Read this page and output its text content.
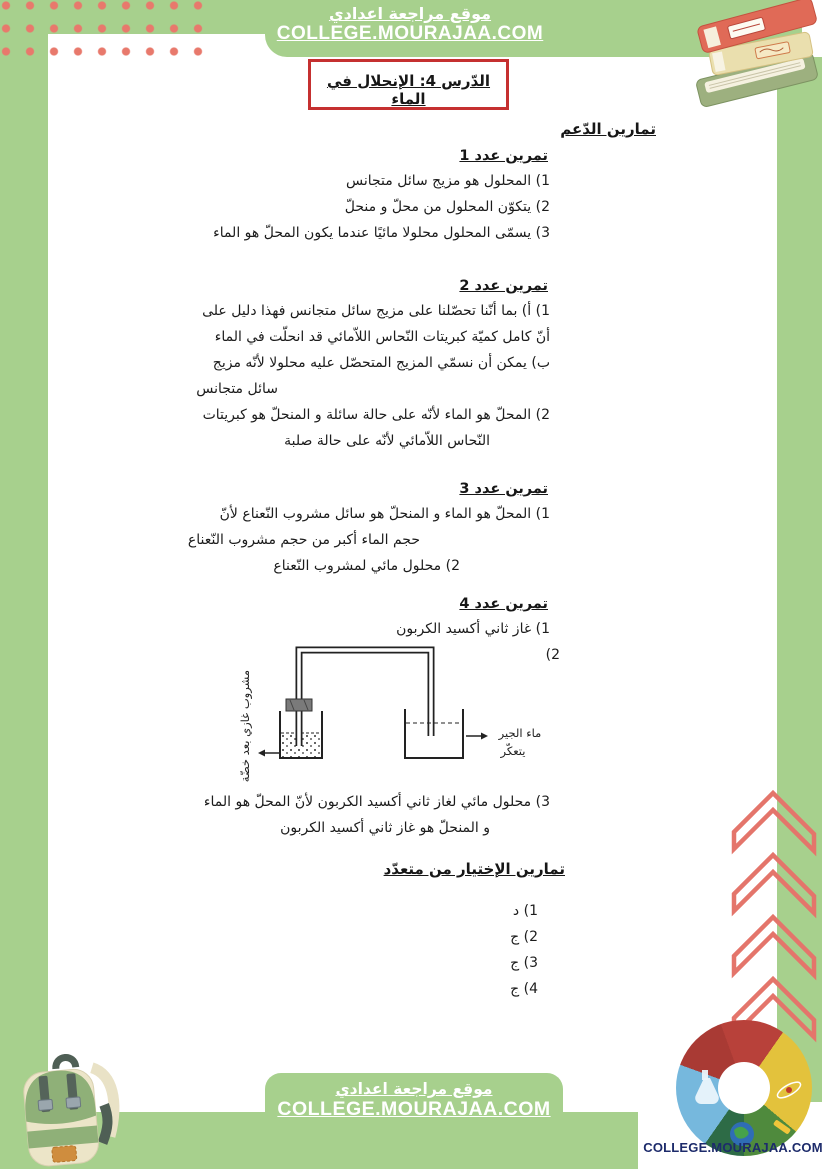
موقع مراجعة اعدادي
COLLEGE.MOURAJAA.COM
الدّرس 4: الإنحلال في الماء
تمارين الدّعم
تمرين عدد 1
1) المحلول هو مزيج سائل متجانس
2) يتكوّن المحلول من محلّ و منحلّ
3) يسمّى المحلول محلولا مائيًا عندما يكون المحلّ هو الماء
تمرين عدد 2
1) أ) بما أنّنا تحصّلنا على مزيج سائل متجانس فهذا دليل على
أنّ كامل كميّة كبريتات النّحاس اللاّمائي قد انحلّت في الماء
ب) يمكن أن نسمّي المزيج المتحصّل عليه محلولا لأنّه مزيج
سائل متجانس
2) المحلّ هو الماء لأنّه على حالة سائلة و المنحلّ هو كبريتات
النّحاس اللاّمائي لأنّه على حالة صلبة
تمرين عدد 3
1) المحلّ هو الماء و المنحلّ هو سائل مشروب النّعناع لأنّ
حجم الماء أكبر من حجم مشروب النّعناع
2) محلول مائي لمشروب النّعناع
تمرين عدد 4
1) غاز ثاني أكسيد الكربون
2)
مشروب غازي بعد خضّة	ماء الجير
يتعكّر
3) محلول مائي لغاز ثاني أكسيد الكربون لأنّ المحلّ هو الماء
و المنحلّ هو غاز ثاني أكسيد الكربون
تمارين الإختيار من متعدّد
1) د
2) ج
3) ج
4) ج
COLLEGE.MOURAJAA.COM
موقع مراجعة اعدادي
COLLEGE.MOURAJAA.COM
